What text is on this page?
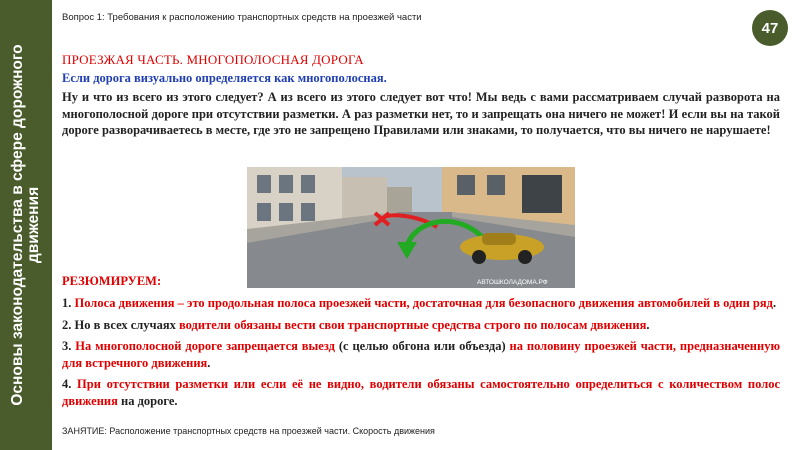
Основы законодательства в сфере дорожного движения
Вопрос 1: Требования к расположению транспортных средств на проезжей части
47
ПРОЕЗЖАЯ ЧАСТЬ. МНОГОПОЛОСНАЯ ДОРОГА
Если дорога визуально определяется как многополосная.
Ну и что из всего из этого следует? А из всего из этого следует вот что! Мы ведь с вами рассматриваем случай разворота на многополосной дороге при отсутствии разметки. А раз разметки нет, то и запрещать она ничего не может! И если вы на такой дороге разворачиваетесь в месте, где это не запрещено Правилами или знаками, то получается, что вы ничего не нарушаете!
АВТОШКОЛАДОМА.РФ
РЕЗЮМИРУЕМ:
1. Полоса движения – это продольная полоса проезжей части, достаточная для безопасного движения автомобилей в один ряд.
2. Но в всех случаях водители обязаны вести свои транспортные средства строго по полосам движения.
3. На многополосной дороге запрещается выезд (с целью обгона или объезда) на половину проезжей части, предназначенную для встречного движения.
4. При отсутствии разметки или если её не видно, водители обязаны самостоятельно определиться с количеством полос движения на дороге.
ЗАНЯТИЕ: Расположение транспортных средств на проезжей части. Скорость движения
